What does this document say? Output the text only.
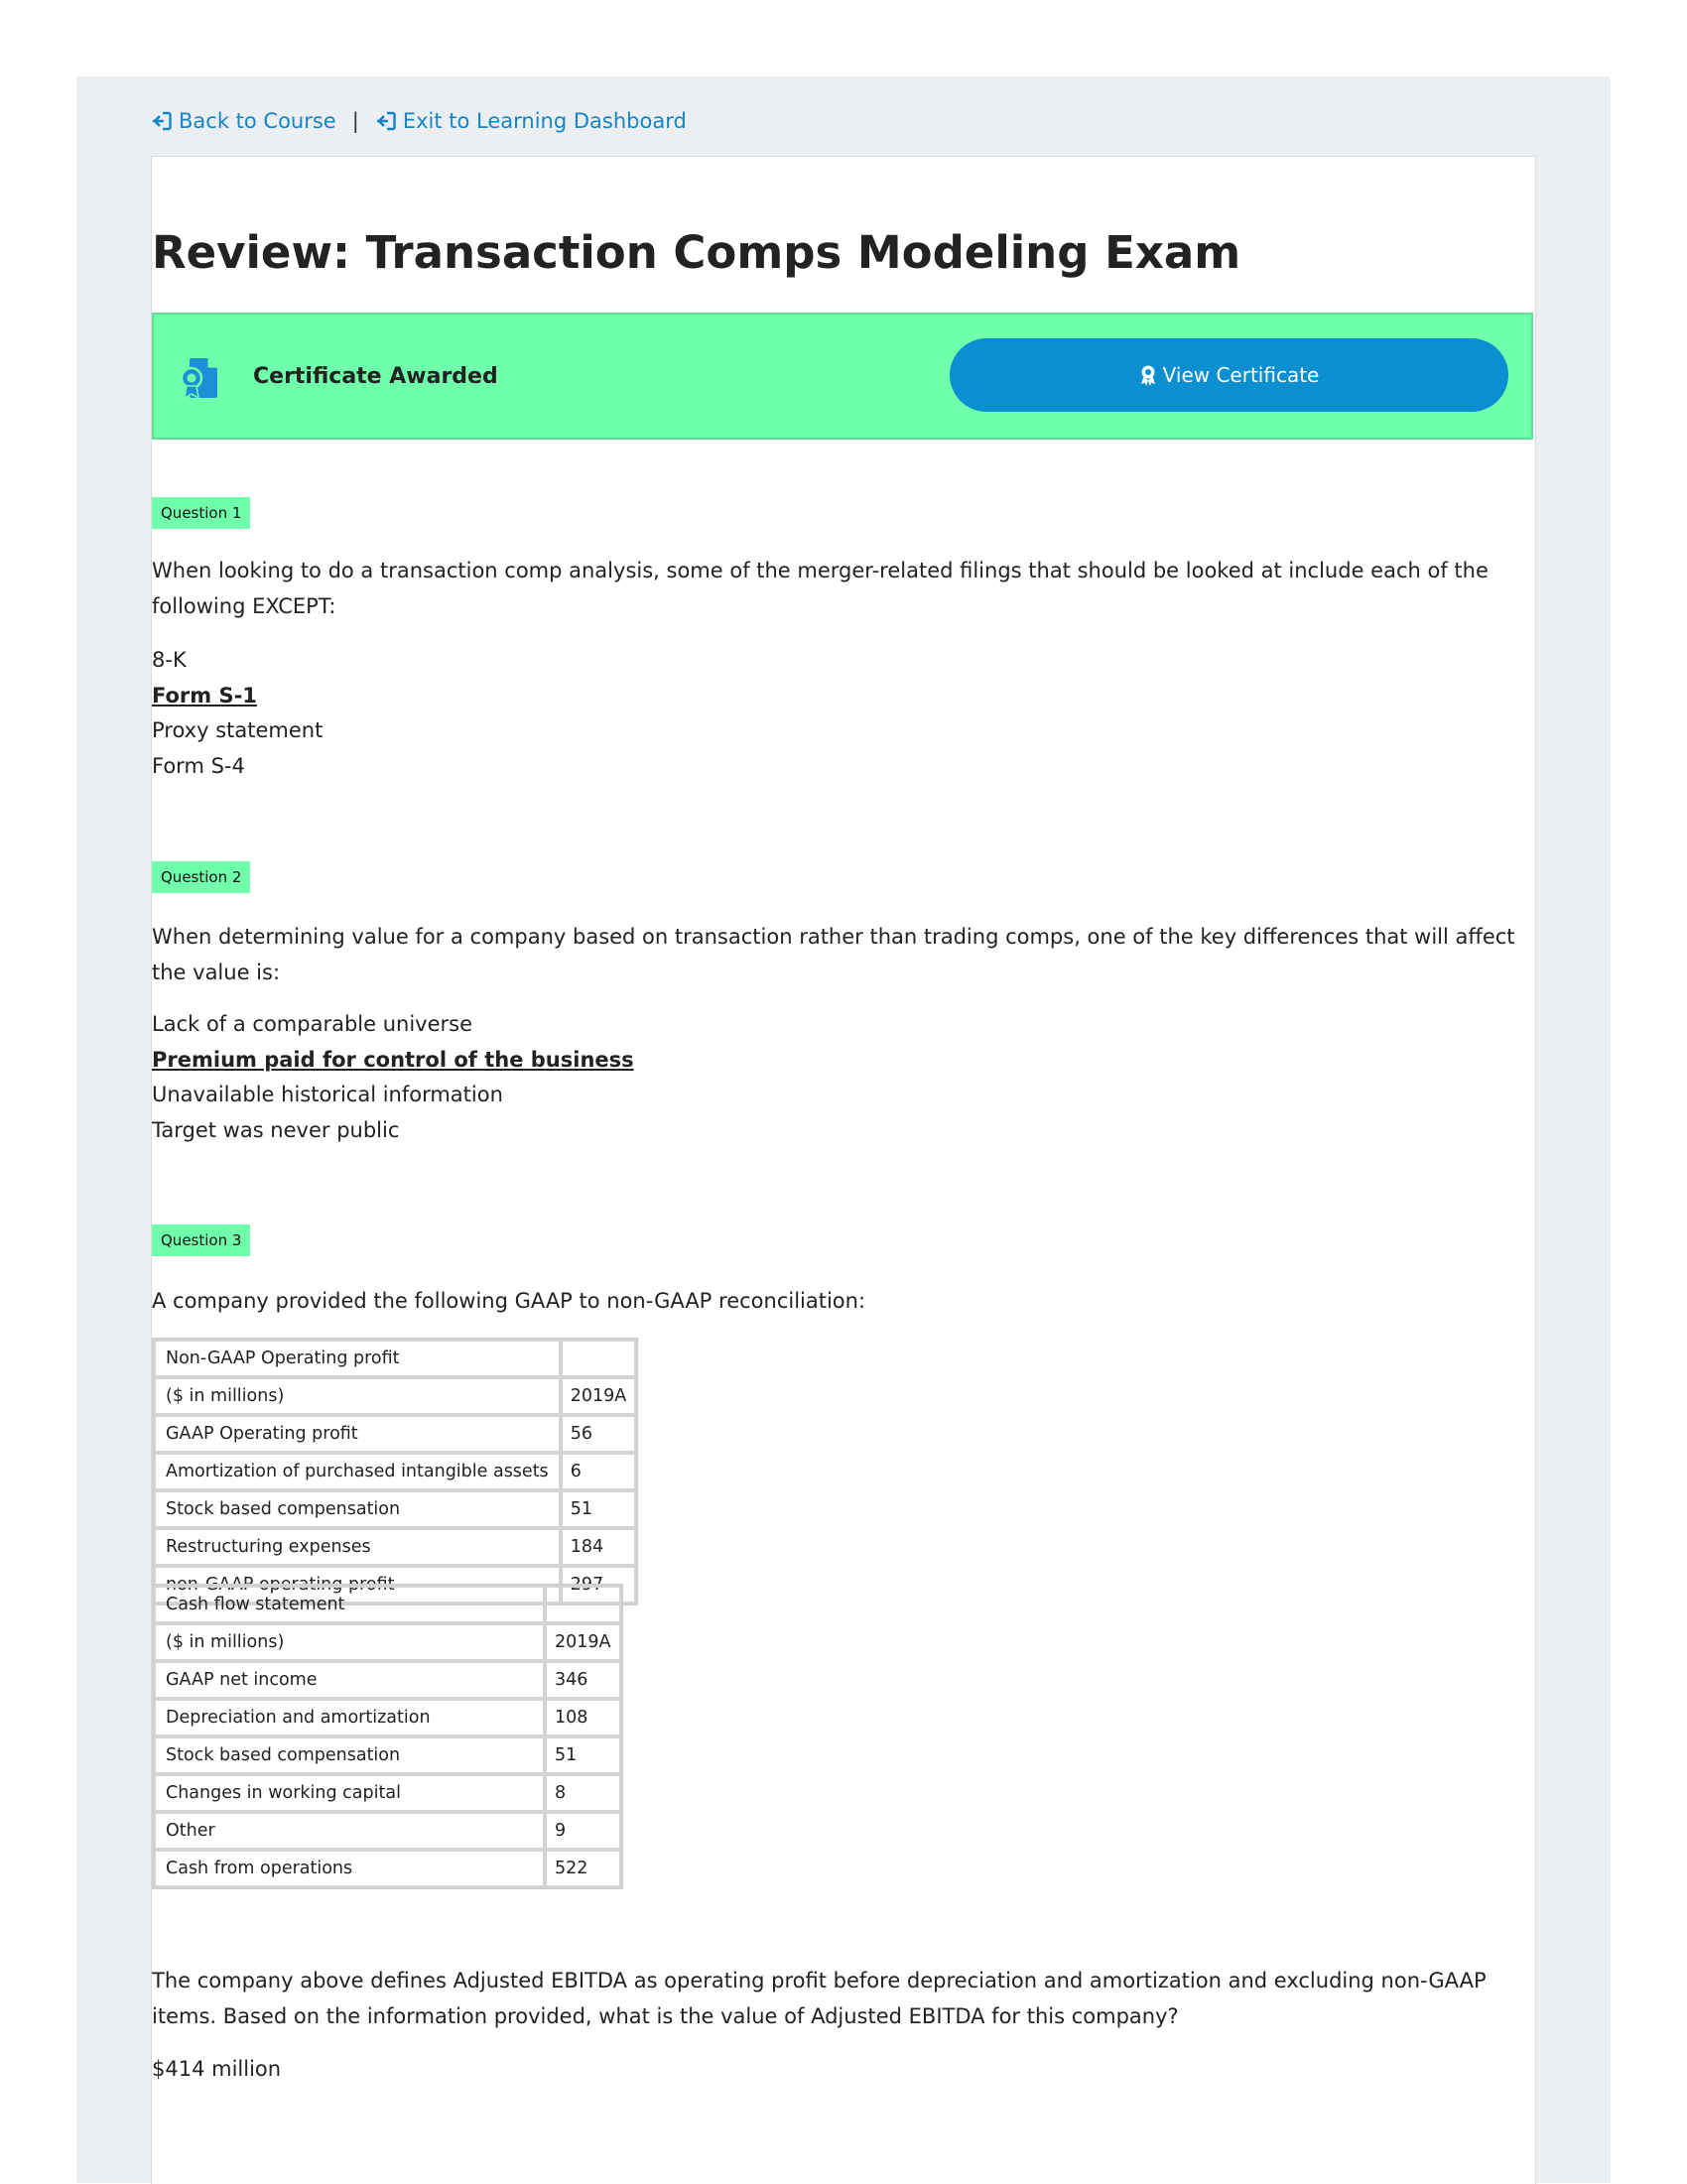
Back to Course | Exit to Learning Dashboard
Review: Transaction Comps Modeling Exam
Certificate Awarded	View Certificate
Question 1

When looking to do a transaction comp analysis, some of the merger-related filings that should be looked at include each of the following EXCEPT:

8-K
Form S-1
Proxy statement
Form S-4
Question 2

When determining value for a company based on transaction rather than trading comps, one of the key differences that will affect the value is:

Lack of a comparable universe
Premium paid for control of the business
Unavailable historical information
Target was never public
Question 3

A company provided the following GAAP to non-GAAP reconciliation:

Non-GAAP Operating profit	
($ in millions)	2019A
GAAP Operating profit	56
Amortization of purchased intangible assets	6
Stock based compensation	51
Restructuring expenses	184
non-GAAP operating profit	297
Cash flow statement	
($ in millions)	2019A
GAAP net income	346
Depreciation and amortization	108
Stock based compensation	51
Changes in working capital	8
Other	9
Cash from operations	522

The company above defines Adjusted EBITDA as operating profit before depreciation and amortization and excluding non-GAAP items. Based on the information provided, what is the value of Adjusted EBITDA for this company?

$414 million
